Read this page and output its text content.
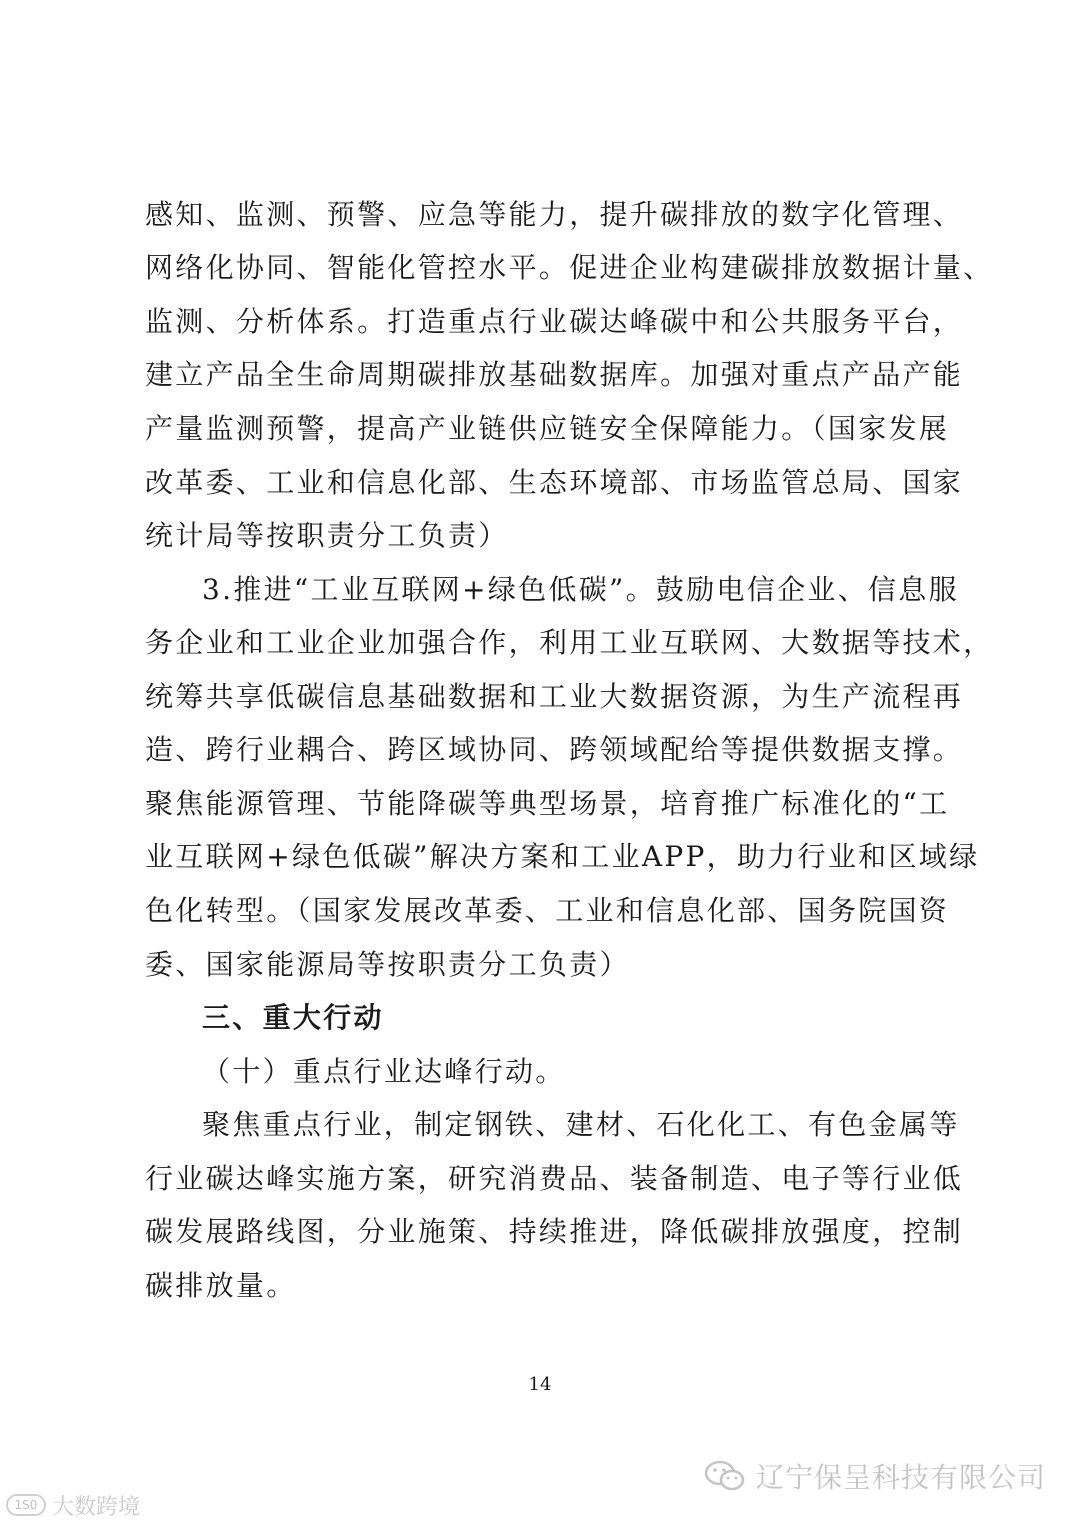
感知、监测、预警、应急等能力，提升碳排放的数字化管理、
网络化协同、智能化管控水平。促进企业构建碳排放数据计量、
监测、分析体系。打造重点行业碳达峰碳中和公共服务平台，
建立产品全生命周期碳排放基础数据库。加强对重点产品产能
产量监测预警，提高产业链供应链安全保障能力。（国家发展
改革委、工业和信息化部、生态环境部、市场监管总局、国家
统计局等按职责分工负责）
3.推进“工业互联网+绿色低碳”。鼓励电信企业、信息服
务企业和工业企业加强合作，利用工业互联网、大数据等技术，
统筹共享低碳信息基础数据和工业大数据资源，为生产流程再
造、跨行业耦合、跨区域协同、跨领域配给等提供数据支撑。
聚焦能源管理、节能降碳等典型场景，培育推广标准化的“工
业互联网+绿色低碳”解决方案和工业APP，助力行业和区域绿
色化转型。（国家发展改革委、工业和信息化部、国务院国资
委、国家能源局等按职责分工负责）
三、重大行动
（十）重点行业达峰行动。
聚焦重点行业，制定钢铁、建材、石化化工、有色金属等
行业碳达峰实施方案，研究消费品、装备制造、电子等行业低
碳发展路线图，分业施策、持续推进，降低碳排放强度，控制
碳排放量。
14
1S0 大数跨境
辽宁保呈科技有限公司
